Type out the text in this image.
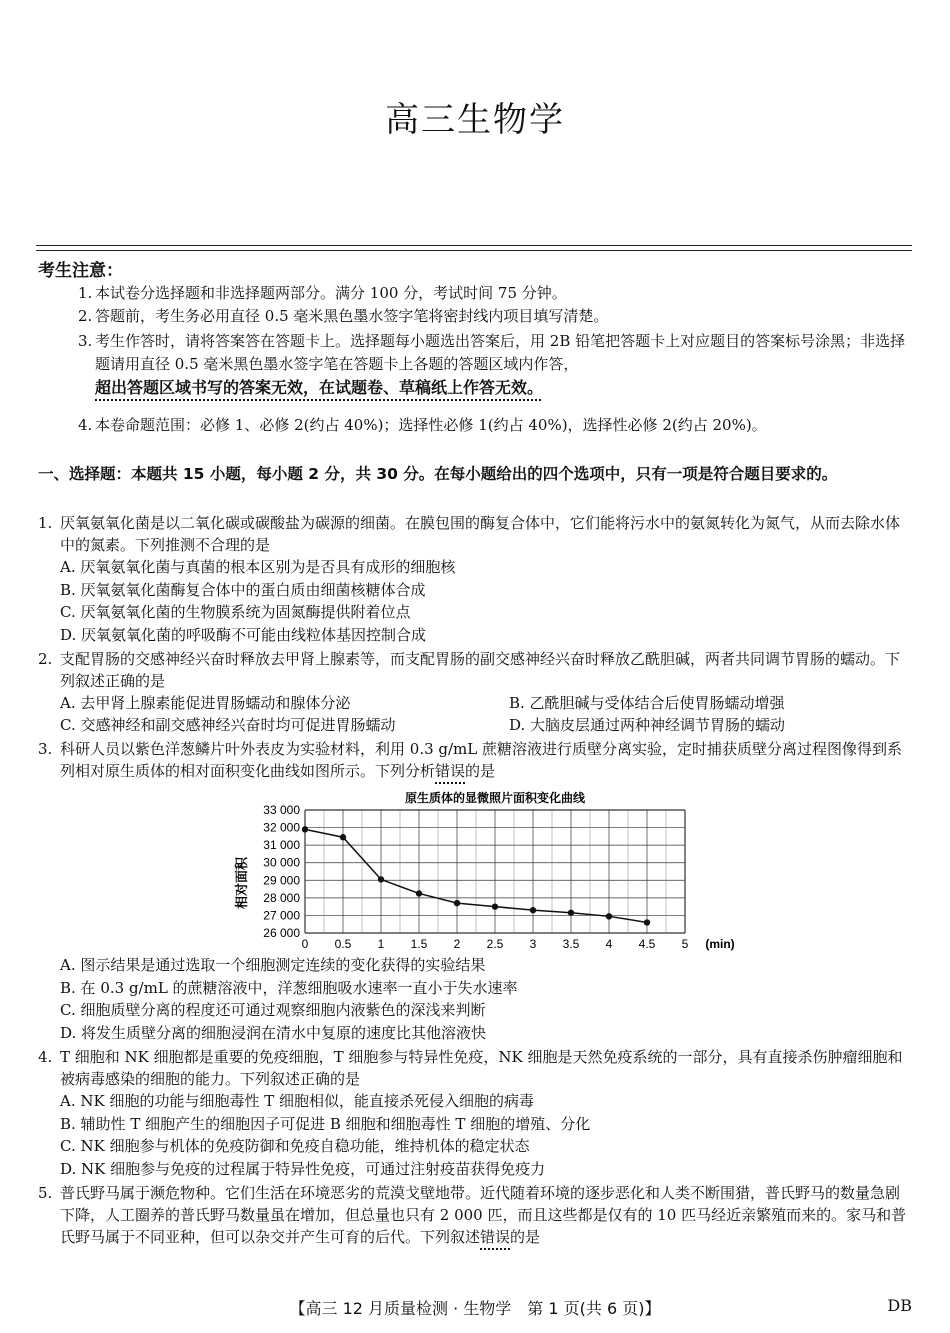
高三生物学
考生注意：
1. 本试卷分选择题和非选择题两部分。满分 100 分，考试时间 75 分钟。
2. 答题前，考生务必用直径 0.5 毫米黑色墨水签字笔将密封线内项目填写清楚。
3. 考生作答时，请将答案答在答题卡上。选择题每小题选出答案后，用 2B 铅笔把答题卡上对应题目的答案标号涂黑；非选择题请用直径 0.5 毫米黑色墨水签字笔在答题卡上各题的答题区域内作答，
超出答题区域书写的答案无效，在试题卷、草稿纸上作答无效。
4. 本卷命题范围：必修 1、必修 2(约占 40%)；选择性必修 1(约占 40%)，选择性必修 2(约占 20%)。
一、选择题：本题共 15 小题，每小题 2 分，共 30 分。在每小题给出的四个选项中，只有一项是符合题目要求的。
1. 厌氧氨氧化菌是以二氧化碳或碳酸盐为碳源的细菌。在膜包围的酶复合体中，它们能将污水中的氨氮转化为氮气，从而去除水体中的氮素。下列推测不合理的是
A. 厌氧氨氧化菌与真菌的根本区别为是否具有成形的细胞核
B. 厌氧氨氧化菌酶复合体中的蛋白质由细菌核糖体合成
C. 厌氧氨氧化菌的生物膜系统为固氮酶提供附着位点
D. 厌氧氨氧化菌的呼吸酶不可能由线粒体基因控制合成
2. 支配胃肠的交感神经兴奋时释放去甲肾上腺素等，而支配胃肠的副交感神经兴奋时释放乙酰胆碱，两者共同调节胃肠的蠕动。下列叙述正确的是
A. 去甲肾上腺素能促进胃肠蠕动和腺体分泌	B. 乙酰胆碱与受体结合后使胃肠蠕动增强
C. 交感神经和副交感神经兴奋时均可促进胃肠蠕动	D. 大脑皮层通过两种神经调节胃肠的蠕动
3. 科研人员以紫色洋葱鳞片叶外表皮为实验材料，利用 0.3 g/mL 蔗糖溶液进行质壁分离实验，定时捕获质壁分离过程图像得到系列相对原生质体的相对面积变化曲线如图所示。下列分析错误的是
原生质体的显微照片面积变化曲线
相对面积
26 000
27 000
28 000
29 000
30 000
31 000
32 000
33 000
0 0.5 1 1.5 2 2.5 3 3.5 4 4.5 5 (min)
A. 图示结果是通过选取一个细胞测定连续的变化获得的实验结果
B. 在 0.3 g/mL 的蔗糖溶液中，洋葱细胞吸水速率一直小于失水速率
C. 细胞质壁分离的程度还可通过观察细胞内液紫色的深浅来判断
D. 将发生质壁分离的细胞浸润在清水中复原的速度比其他溶液快
4. T 细胞和 NK 细胞都是重要的免疫细胞，T 细胞参与特异性免疫，NK 细胞是天然免疫系统的一部分，具有直接杀伤肿瘤细胞和被病毒感染的细胞的能力。下列叙述正确的是
A. NK 细胞的功能与细胞毒性 T 细胞相似，能直接杀死侵入细胞的病毒
B. 辅助性 T 细胞产生的细胞因子可促进 B 细胞和细胞毒性 T 细胞的增殖、分化
C. NK 细胞参与机体的免疫防御和免疫自稳功能，维持机体的稳定状态
D. NK 细胞参与免疫的过程属于特异性免疫，可通过注射疫苗获得免疫力
5. 普氏野马属于濒危物种。它们生活在环境恶劣的荒漠戈壁地带。近代随着环境的逐步恶化和人类不断围猎，普氏野马的数量急剧下降，人工圈养的普氏野马数量虽在增加，但总量也只有 2 000 匹，而且这些都是仅有的 10 匹马经近亲繁殖而来的。家马和普氏野马属于不同亚种，但可以杂交并产生可育的后代。下列叙述错误的是
【高三 12 月质量检测 · 生物学　第 1 页(共 6 页)】	DB
